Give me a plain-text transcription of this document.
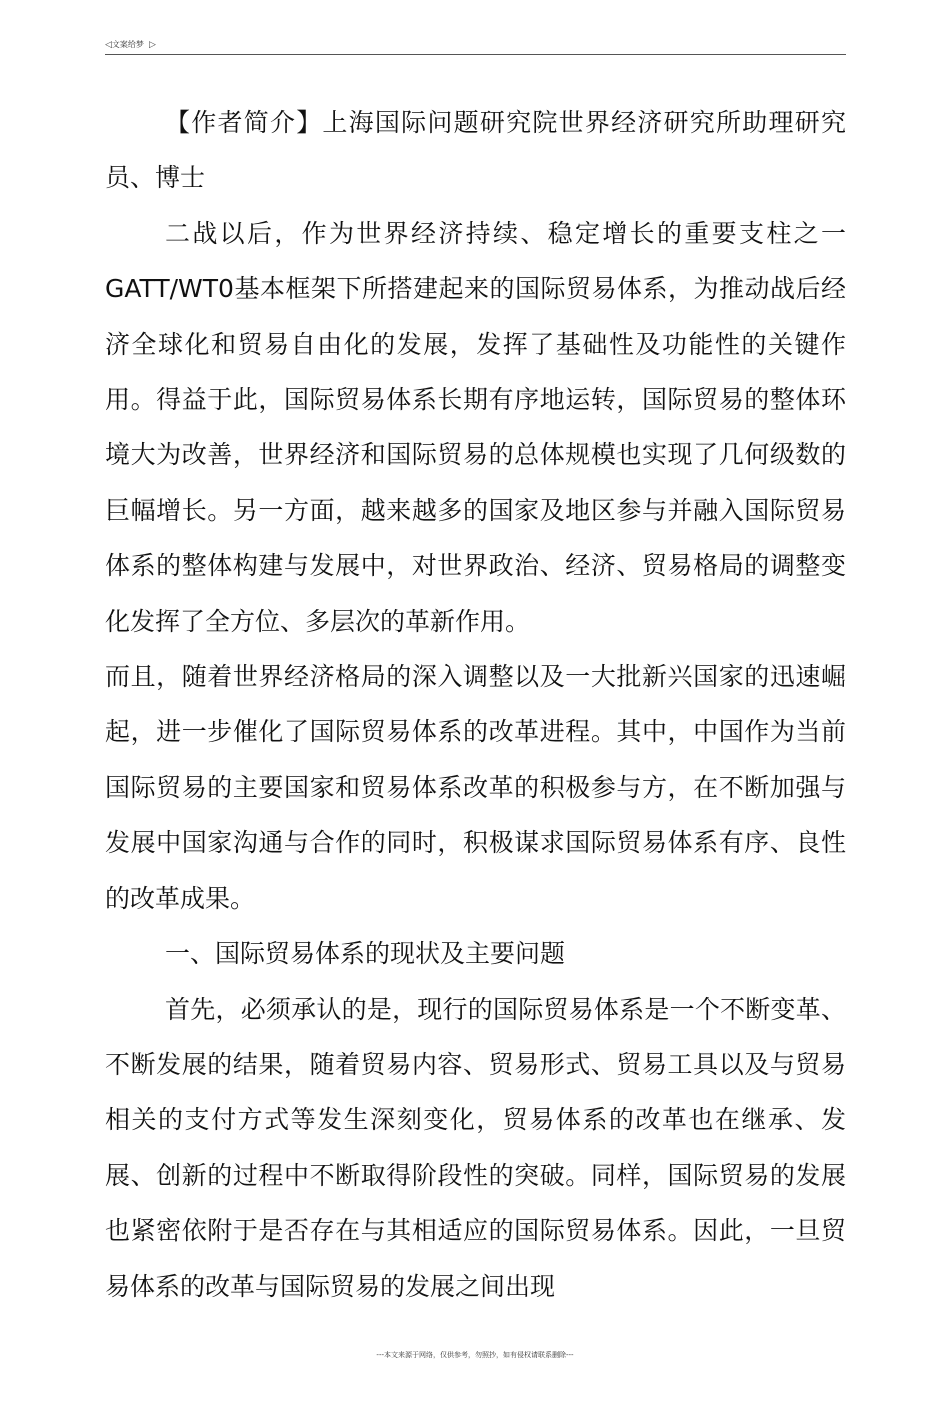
◁文案给梦 ▷

【作者简介】上海国际问题研究院世界经济研究所助理研究员、博士

二战以后，作为世界经济持续、稳定增长的重要支柱之一GATT/WT0基本框架下所搭建起来的国际贸易体系，为推动战后经济全球化和贸易自由化的发展，发挥了基础性及功能性的关键作用。得益于此，国际贸易体系长期有序地运转，国际贸易的整体环境大为改善，世界经济和国际贸易的总体规模也实现了几何级数的巨幅增长。另一方面，越来越多的国家及地区参与并融入国际贸易体系的整体构建与发展中，对世界政治、经济、贸易格局的调整变化发挥了全方位、多层次的革新作用。

而且，随着世界经济格局的深入调整以及一大批新兴国家的迅速崛起，进一步催化了国际贸易体系的改革进程。其中，中国作为当前国际贸易的主要国家和贸易体系改革的积极参与方，在不断加强与发展中国家沟通与合作的同时，积极谋求国际贸易体系有序、良性的改革成果。

一、国际贸易体系的现状及主要问题

首先，必须承认的是，现行的国际贸易体系是一个不断变革、不断发展的结果，随着贸易内容、贸易形式、贸易工具以及与贸易相关的支付方式等发生深刻变化，贸易体系的改革也在继承、发展、创新的过程中不断取得阶段性的突破。同样，国际贸易的发展也紧密依附于是否存在与其相适应的国际贸易体系。因此，一旦贸易体系的改革与国际贸易的发展之间出现

---本文来源于网络，仅供参考，勿照抄，如有侵权请联系删除---
